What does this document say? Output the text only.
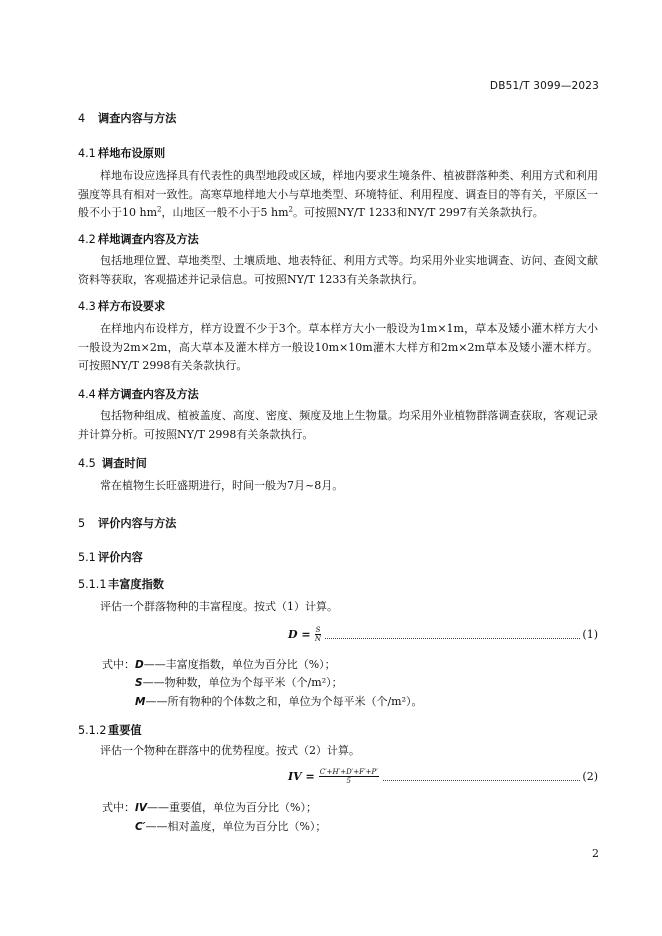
DB51/T 3099—2023
4 调查内容与方法
4.1 样地布设原则
样地布设应选择具有代表性的典型地段或区域，样地内要求生境条件、植被群落种类、利用方式和利用强度等具有相对一致性。高寒草地样地大小与草地类型、环境特征、利用程度、调查目的等有关，平原区一般不小于10 $hm^2$，山地区一般不小于5 $hm^2$。可按照NY/T 1233和NY/T 2997有关条款执行。
4.2 样地调查内容及方法
包括地理位置、草地类型、土壤质地、地表特征、利用方式等。均采用外业实地调查、访问、查阅文献资料等获取，客观描述并记录信息。可按照NY/T 1233有关条款执行。
4.3 样方布设要求
在样地内布设样方，样方设置不少于3个。草本样方大小一般设为1m×1m，草本及矮小灌木样方大小一般设为2m×2m，高大草本及灌木样方一般设10m×10m灌木大样方和2m×2m草本及矮小灌木样方。可按照NY/T 2998有关条款执行。
4.4 样方调查内容及方法
包括物种组成、植被盖度、高度、密度、频度及地上生物量。均采用外业植物群落调查获取，客观记录并计算分析。可按照NY/T 2998有关条款执行。
4.5 调查时间
常在植物生长旺盛期进行，时间一般为7月~8月。
5 评价内容与方法
5.1 评价内容
5.1.1 丰富度指数
评估一个群落物种的丰富程度。按式（1）计算。
$D = \frac{S}{N}$	(1)
式中：D——丰富度指数，单位为百分比（%）；
S——物种数，单位为个每平米（个/m²）；
M——所有物种的个体数之和，单位为个每平米（个/m²）。
5.1.2 重要值
评估一个物种在群落中的优势程度。按式（2）计算。
IV = $\frac{C'+H'+D'+F'+P'}{5}$	(2)
式中：IV——重要值，单位为百分比（%）；
C′——相对盖度，单位为百分比（%）；
2
